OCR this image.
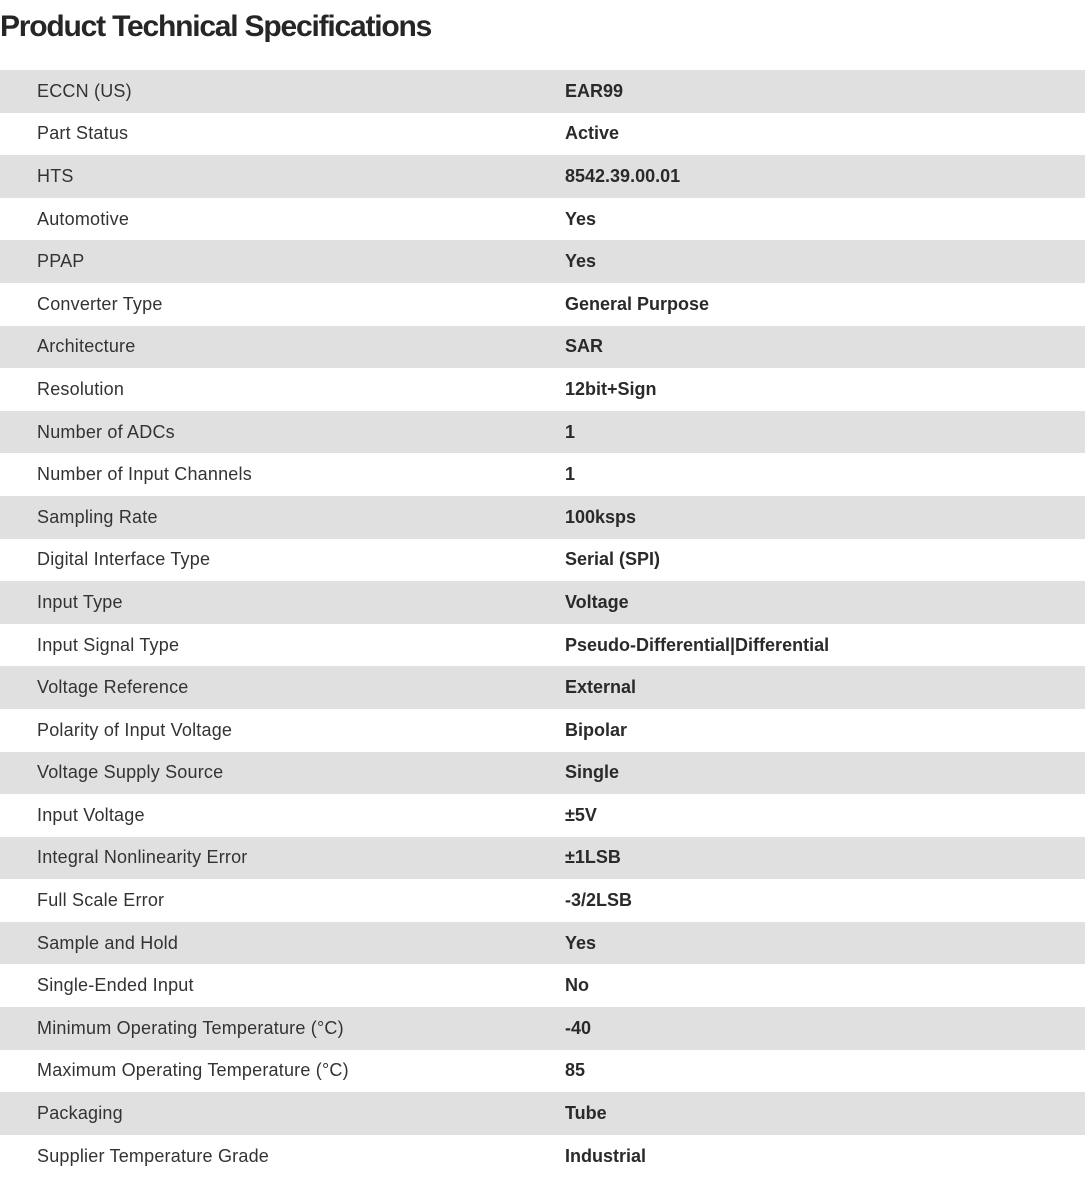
Product Technical Specifications
ECCN (US)	EAR99
Part Status	Active
HTS	8542.39.00.01
Automotive	Yes
PPAP	Yes
Converter Type	General Purpose
Architecture	SAR
Resolution	12bit+Sign
Number of ADCs	1
Number of Input Channels	1
Sampling Rate	100ksps
Digital Interface Type	Serial (SPI)
Input Type	Voltage
Input Signal Type	Pseudo-Differential|Differential
Voltage Reference	External
Polarity of Input Voltage	Bipolar
Voltage Supply Source	Single
Input Voltage	±5V
Integral Nonlinearity Error	±1LSB
Full Scale Error	-3/2LSB
Sample and Hold	Yes
Single-Ended Input	No
Minimum Operating Temperature (°C)	-40
Maximum Operating Temperature (°C)	85
Packaging	Tube
Supplier Temperature Grade	Industrial
